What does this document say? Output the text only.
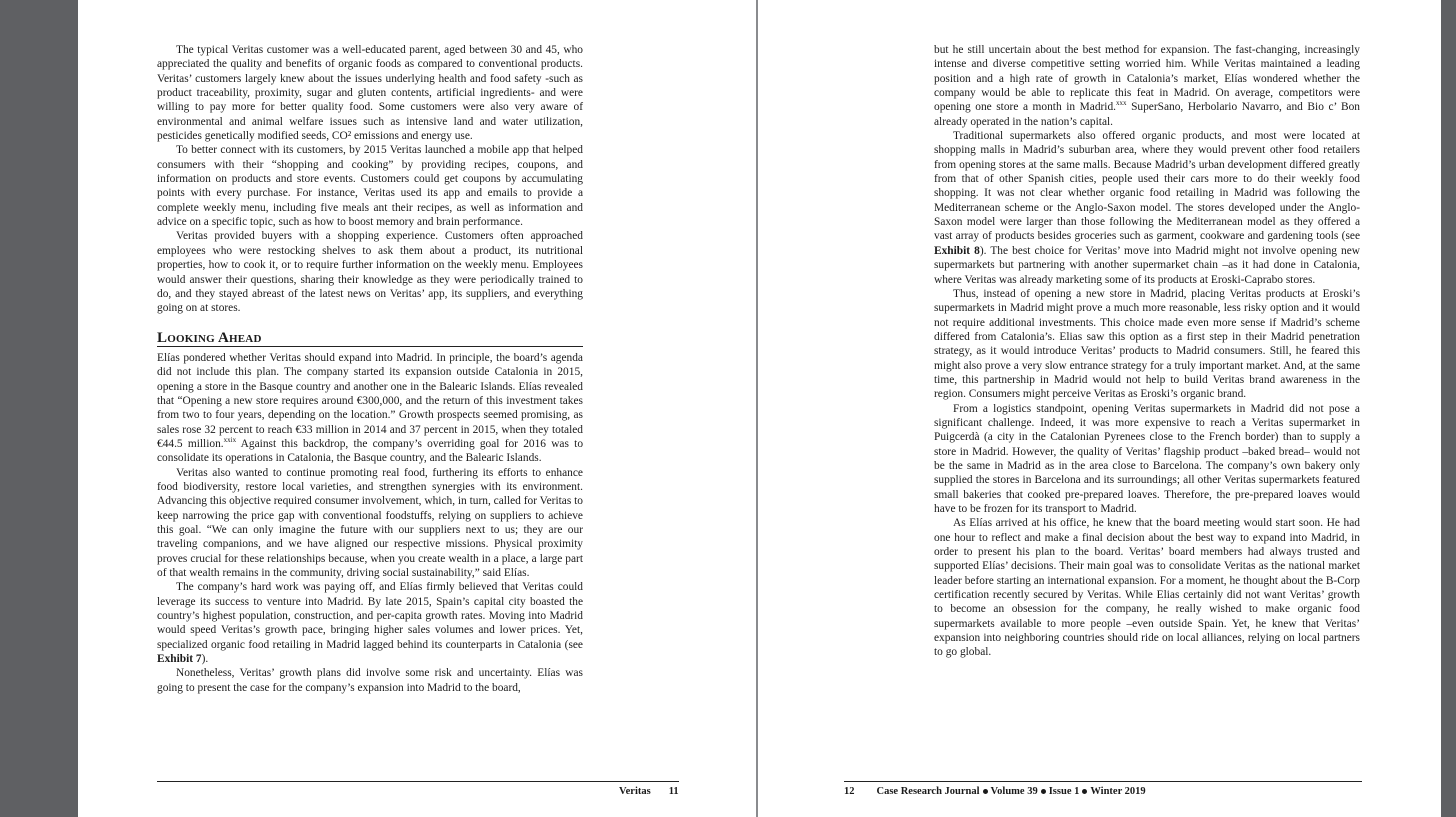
The typical Veritas customer was a well-educated parent, aged between 30 and 45, who appreciated the quality and benefits of organic foods as compared to conventional products. Veritas’ customers largely knew about the issues underlying health and food safety -such as product traceability, proximity, sugar and gluten contents, artificial ingredients- and were willing to pay more for better quality food. Some customers were also very aware of environmental and animal welfare issues such as intensive land and water utilization, pesticides genetically modified seeds, CO² emissions and energy use.

To better connect with its customers, by 2015 Veritas launched a mobile app that helped consumers with their “shopping and cooking” by providing recipes, coupons, and information on products and store events. Customers could get coupons by accumulating points with every purchase. For instance, Veritas used its app and emails to provide a complete weekly menu, including five meals ant their recipes, as well as information and advice on a specific topic, such as how to boost memory and brain performance.

Veritas provided buyers with a shopping experience. Customers often approached employees who were restocking shelves to ask them about a product, its nutritional properties, how to cook it, or to require further information on the weekly menu. Employees would answer their questions, sharing their knowledge as they were periodically trained to do, and they stayed abreast of the latest news on Veritas’ app, its suppliers, and everything going on at stores.

Looking Ahead

Elías pondered whether Veritas should expand into Madrid. In principle, the board’s agenda did not include this plan. The company started its expansion outside Catalonia in 2015, opening a store in the Basque country and another one in the Balearic Islands. Elías revealed that “Opening a new store requires around €300,000, and the return of this investment takes from two to four years, depending on the location.” Growth prospects seemed promising, as sales rose 32 percent to reach €33 million in 2014 and 37 percent in 2015, when they totaled €44.5 million.$^{xxix}$ Against this backdrop, the company’s overriding goal for 2016 was to consolidate its operations in Catalonia, the Basque country, and the Balearic Islands.

Veritas also wanted to continue promoting real food, furthering its efforts to enhance food biodiversity, restore local varieties, and strengthen synergies with its environment. Advancing this objective required consumer involvement, which, in turn, called for Veritas to keep narrowing the price gap with conventional foodstuffs, relying on suppliers to achieve this goal. “We can only imagine the future with our suppliers next to us; they are our traveling companions, and we have aligned our respective missions. Physical proximity proves crucial for these relationships because, when you create wealth in a place, a large part of that wealth remains in the community, driving social sustainability,” said Elías.

The company’s hard work was paying off, and Elías firmly believed that Veritas could leverage its success to venture into Madrid. By late 2015, Spain’s capital city boasted the country’s highest population, construction, and per-capita growth rates. Moving into Madrid would speed Veritas’s growth pace, bringing higher sales volumes and lower prices. Yet, specialized organic food retailing in Madrid lagged behind its counterparts in Catalonia (see Exhibit 7).

Nonetheless, Veritas’ growth plans did involve some risk and uncertainty. Elías was going to present the case for the company’s expansion into Madrid to the board,

Veritas 11

but he still uncertain about the best method for expansion. The fast-changing, increasingly intense and diverse competitive setting worried him. While Veritas maintained a leading position and a high rate of growth in Catalonia’s market, Elías wondered whether the company would be able to replicate this feat in Madrid. On average, competitors were opening one store a month in Madrid.$^{xxx}$ SuperSano, Herbolario Navarro, and Bio c’ Bon already operated in the nation’s capital.

Traditional supermarkets also offered organic products, and most were located at shopping malls in Madrid’s suburban area, where they would prevent other food retailers from opening stores at the same malls. Because Madrid’s urban development differed greatly from that of other Spanish cities, people used their cars more to do their weekly food shopping. It was not clear whether organic food retailing in Madrid was following the Mediterranean scheme or the Anglo-Saxon model. The stores developed under the Anglo-Saxon model were larger than those following the Mediterranean model as they offered a vast array of products besides groceries such as garment, cookware and gardening tools (see Exhibit 8). The best choice for Veritas’ move into Madrid might not involve opening new supermarkets but partnering with another supermarket chain –as it had done in Catalonia, where Veritas was already marketing some of its products at Eroski-Caprabo stores.

Thus, instead of opening a new store in Madrid, placing Veritas products at Eroski’s supermarkets in Madrid might prove a much more reasonable, less risky option and it would not require additional investments. This choice made even more sense if Madrid’s scheme differed from Catalonia’s. Elias saw this option as a first step in their Madrid penetration strategy, as it would introduce Veritas’ products to Madrid consumers. Still, he feared this might also prove a very slow entrance strategy for a truly important market. And, at the same time, this partnership in Madrid would not help to build Veritas brand awareness in the region. Consumers might perceive Veritas as Eroski’s organic brand.

From a logistics standpoint, opening Veritas supermarkets in Madrid did not pose a significant challenge. Indeed, it was more expensive to reach a Veritas supermarket in Puigcerdà (a city in the Catalonian Pyrenees close to the French border) than to supply a store in Madrid. However, the quality of Veritas’ flagship product –baked bread– would not be the same in Madrid as in the area close to Barcelona. The company’s own bakery only supplied the stores in Barcelona and its surroundings; all other Veritas supermarkets featured small bakeries that cooked pre-prepared loaves. Therefore, the pre-prepared loaves would have to be frozen for its transport to Madrid.

As Elías arrived at his office, he knew that the board meeting would start soon. He had one hour to reflect and make a final decision about the best way to expand into Madrid, in order to present his plan to the board. Veritas’ board members had always trusted and supported Elías’ decisions. Their main goal was to consolidate Veritas as the national market leader before starting an international expansion. For a moment, he thought about the B-Corp certification recently secured by Veritas. While Elias certainly did not want Veritas’ growth to become an obsession for the company, he really wished to make organic food supermarkets available to more people –even outside Spain. Yet, he knew that Veritas’ expansion into neighboring countries should ride on local alliances, relying on local partners to go global.

12 Case Research Journal Volume 39 Issue 1 Winter 2019
